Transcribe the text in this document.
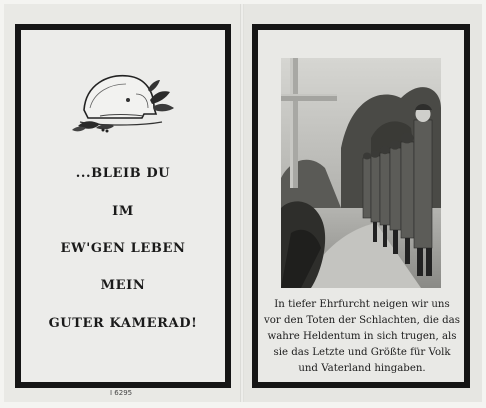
...BLEIB DU
IM
EW'GEN LEBEN
MEIN
GUTER KAMERAD!
I 6295
In tiefer Ehrfurcht neigen wir uns
vor den Toten der Schlachten, die das
wahre Heldentum in sich trugen, als
sie das Letzte und Größte für Volk
und Vaterland hingaben.
